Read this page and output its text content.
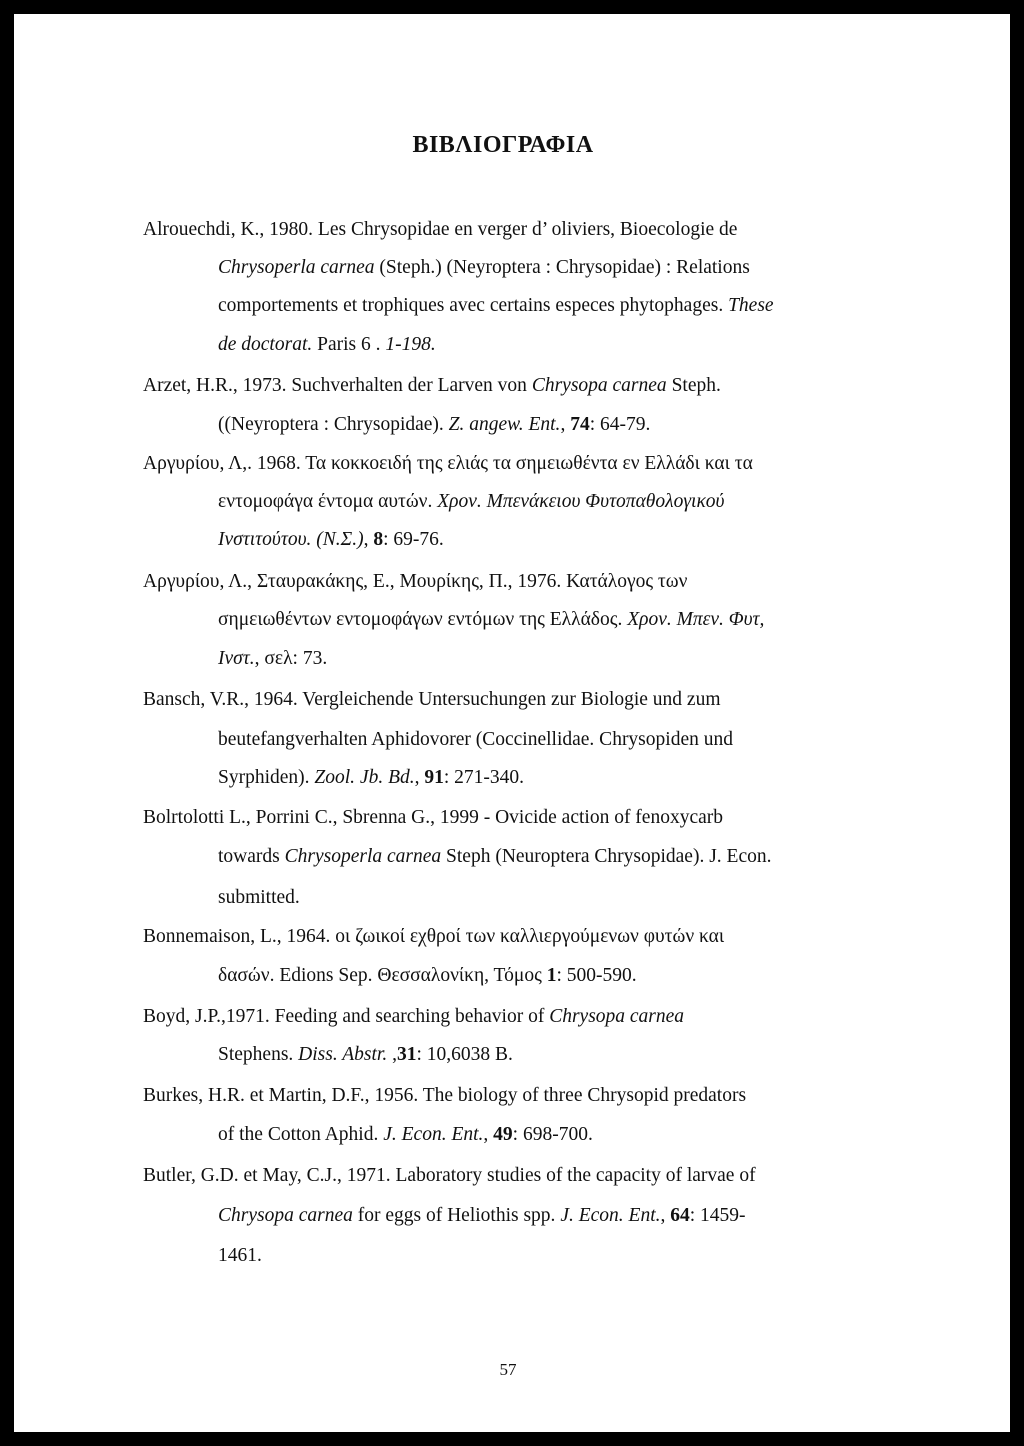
ΒΙΒΛΙΟΓΡΑΦΙΑ
Alrouechdi, K., 1980. Les Chrysopidae en verger d’ oliviers, Bioecologie de
Chrysoperla carnea (Steph.) (Neyroptera : Chrysopidae) : Relations
comportements et trophiques avec certains especes phytophages. These
de doctorat. Paris 6 . 1-198.
Arzet, H.R., 1973. Suchverhalten der Larven von Chrysopa carnea Steph.
((Neyroptera : Chrysopidae). Z. angew. Ent., 74: 64-79.
Αργυρίου, Λ,. 1968. Τα κοκκοειδή της ελιάς τα σημειωθέντα εν Ελλάδι και τα
εντομοφάγα έντομα αυτών. Χρον. Μπενάκειου Φυτοπαθολογικού
Ινστιτούτου. (Ν.Σ.), 8: 69-76.
Αργυρίου, Λ., Σταυρακάκης, Ε., Μουρίκης, Π., 1976. Κατάλογος των
σημειωθέντων εντομοφάγων εντόμων της Ελλάδος. Χρον. Μπεν. Φυτ,
Ινστ., σελ: 73.
Bansch, V.R., 1964. Vergleichende Untersuchungen zur Biologie und zum
beutefangverhalten Aphidovorer (Coccinellidae. Chrysopiden und
Syrphiden). Zool. Jb. Bd., 91: 271-340.
Bolrtolotti L., Porrini C., Sbrenna G., 1999 - Ovicide action of fenoxycarb
towards Chrysoperla carnea Steph (Neuroptera Chrysopidae). J. Econ.
submitted.
Bonnemaison, L., 1964. οι ζωικοί εχθροί των καλλιεργούμενων φυτών και
δασών. Edions Sep. Θεσσαλονίκη, Τόμος 1: 500-590.
Boyd, J.P.,1971. Feeding and searching behavior of Chrysopa carnea
Stephens. Diss. Abstr. ,31: 10,6038 B.
Burkes, H.R. et Martin, D.F., 1956. The biology of three Chrysopid predators
of the Cotton Aphid. J. Econ. Ent., 49: 698-700.
Butler, G.D. et May, C.J., 1971. Laboratory studies of the capacity of larvae of
Chrysopa carnea for eggs of Heliothis spp. J. Econ. Ent., 64: 1459-
1461.
57
